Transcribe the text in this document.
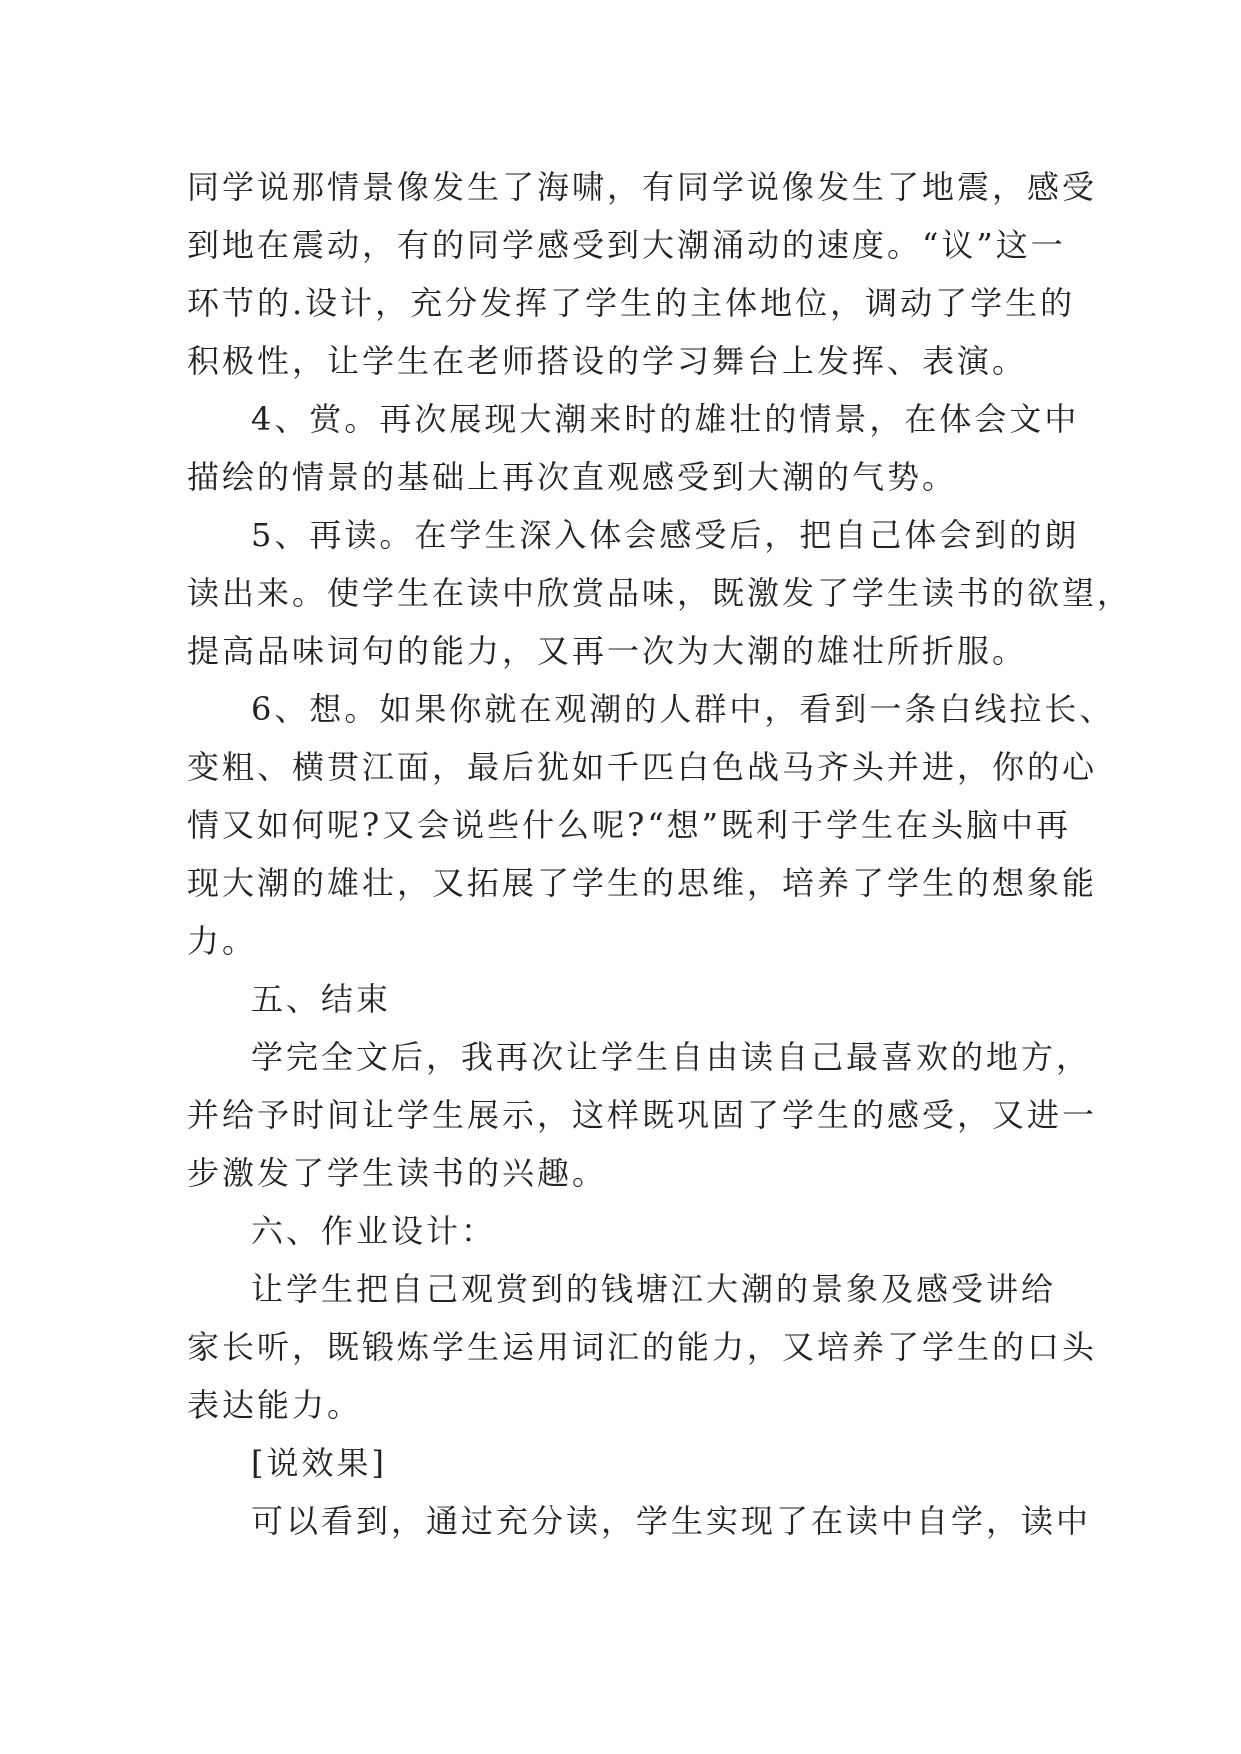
同学说那情景像发生了海啸，有同学说像发生了地震，感受
到地在震动，有的同学感受到大潮涌动的速度。“议”这一
环节的.设计，充分发挥了学生的主体地位，调动了学生的
积极性，让学生在老师搭设的学习舞台上发挥、表演。
4、赏。再次展现大潮来时的雄壮的情景，在体会文中
描绘的情景的基础上再次直观感受到大潮的气势。
5、再读。在学生深入体会感受后，把自己体会到的朗
读出来。使学生在读中欣赏品味，既激发了学生读书的欲望，
提高品味词句的能力，又再一次为大潮的雄壮所折服。
6、想。如果你就在观潮的人群中，看到一条白线拉长、
变粗、横贯江面，最后犹如千匹白色战马齐头并进，你的心
情又如何呢?又会说些什么呢?“想”既利于学生在头脑中再
现大潮的雄壮，又拓展了学生的思维，培养了学生的想象能
力。
五、结束
学完全文后，我再次让学生自由读自己最喜欢的地方，
并给予时间让学生展示，这样既巩固了学生的感受，又进一
步激发了学生读书的兴趣。
六、作业设计：
让学生把自己观赏到的钱塘江大潮的景象及感受讲给
家长听，既锻炼学生运用词汇的能力，又培养了学生的口头
表达能力。
[说效果]
可以看到，通过充分读，学生实现了在读中自学，读中
